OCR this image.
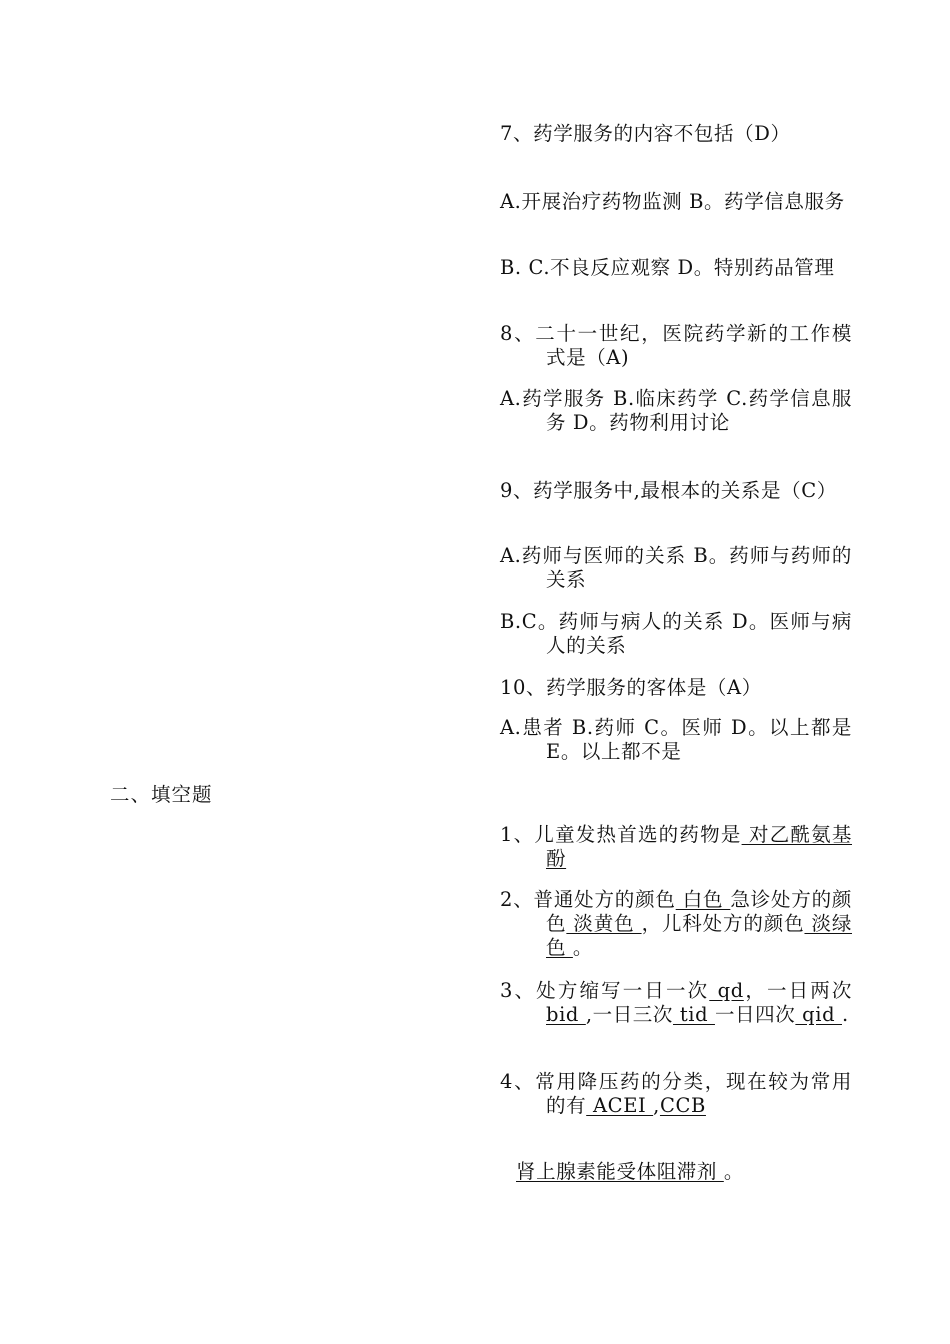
7、药学服务的内容不包括（D）
A.开展治疗药物监测 B。药学信息服务
B. C.不良反应观察 D。特别药品管理
8、二十一世纪，医院药学新的工作模式是（A)
A.药学服务 B.临床药学 C.药学信息服务 D。药物利用讨论
9、药学服务中,最根本的关系是（C）
A.药师与医师的关系 B。药师与药师的关系
B.C。药师与病人的关系 D。医师与病人的关系
10、药学服务的客体是（A）
A.患者 B.药师 C。医师 D。以上都是 E。以上都不是
二、填空题
1、儿童发热首选的药物是 对乙酰氨基酚
2、普通处方的颜色 白色 急诊处方的颜色 淡黄色 ，儿科处方的颜色 淡绿色 。
3、处方缩写一日一次 qd，一日两次 bid ,一日三次 tid 一日四次 qid .
4、常用降压药的分类，现在较为常用的有 ACEI ,CCB
肾上腺素能受体阻滞剂 。
